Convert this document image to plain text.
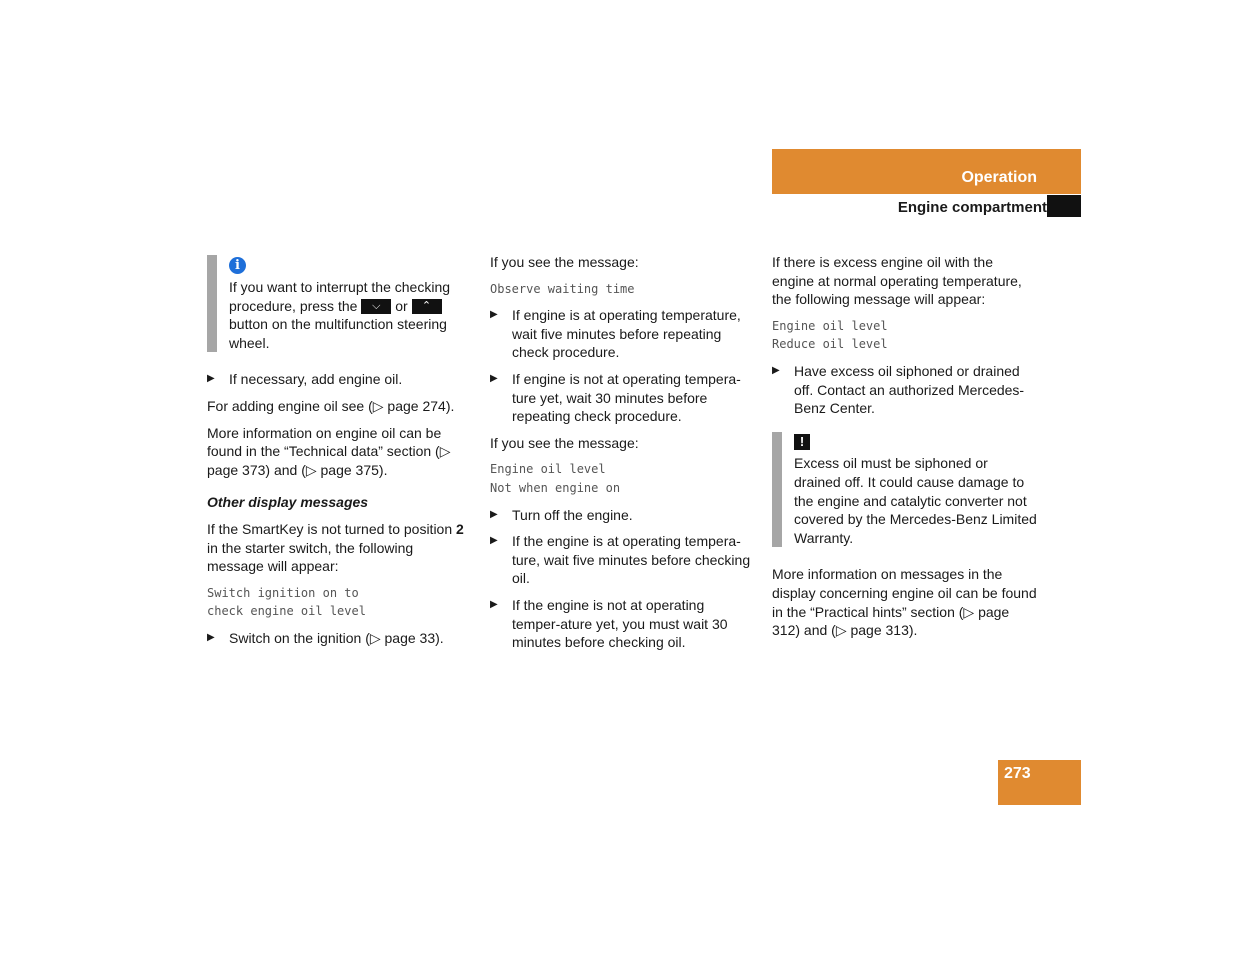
Operation
Engine compartment
i
If you want to interrupt the checking procedure, press the ⌵ or ⌃ button on the multifunction steering wheel.
▶ If necessary, add engine oil.

For adding engine oil see (▷ page 274).

More information on engine oil can be found in the “Technical data” section (▷ page 373) and (▷ page 375).

Other display messages

If the SmartKey is not turned to position 2 in the starter switch, the following message will appear:

Switch ignition on to
check engine oil level
▶ Switch on the ignition (▷ page 33).

If you see the message:

Observe waiting time
▶ If engine is at operating temperature, wait five minutes before repeating check procedure.
▶ If engine is not at operating tempera-ture yet, wait 30 minutes before repeating check procedure.

If you see the message:

Engine oil level
Not when engine on
▶ Turn off the engine.
▶ If the engine is at operating tempera-ture, wait five minutes before checking oil.
▶ If the engine is not at operating temper-ature yet, you must wait 30 minutes before checking oil.

If there is excess engine oil with the engine at normal operating temperature, the following message will appear:

Engine oil level
Reduce oil level
▶ Have excess oil siphoned or drained off. Contact an authorized Mercedes-Benz Center.
!
Excess oil must be siphoned or drained off. It could cause damage to the engine and catalytic converter not covered by the Mercedes-Benz Limited Warranty.

More information on messages in the display concerning engine oil can be found in the “Practical hints” section (▷ page 312) and (▷ page 313).

273
